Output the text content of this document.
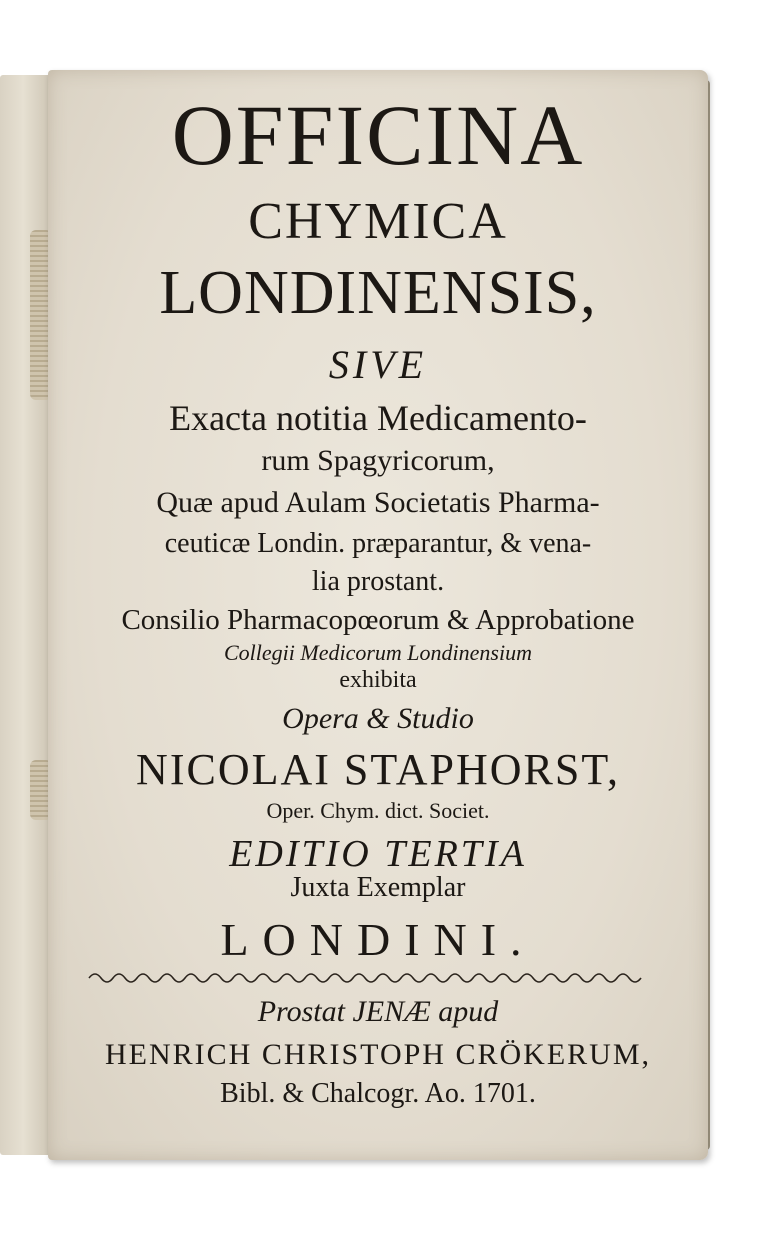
OFFICINA
CHYMICA
LONDINENSIS,
SIVE
Exacta notitia Medicamento-
rum Spagyricorum,
Quæ apud Aulam Societatis Pharma-
ceuticæ Londin. præparantur, & vena-
lia prostant.
Consilio Pharmacopœorum & Approbatione
Collegii Medicorum Londinensium
exhibita
Opera & Studio
NICOLAI STAPHORST,
Oper. Chym. dict. Societ.
EDITIO TERTIA
Juxta Exemplar
LONDINI.
Prostat JENÆ apud
HENRICH CHRISTOPH CRÖKERUM,
Bibl. & Chalcogr. Ao. 1701.
